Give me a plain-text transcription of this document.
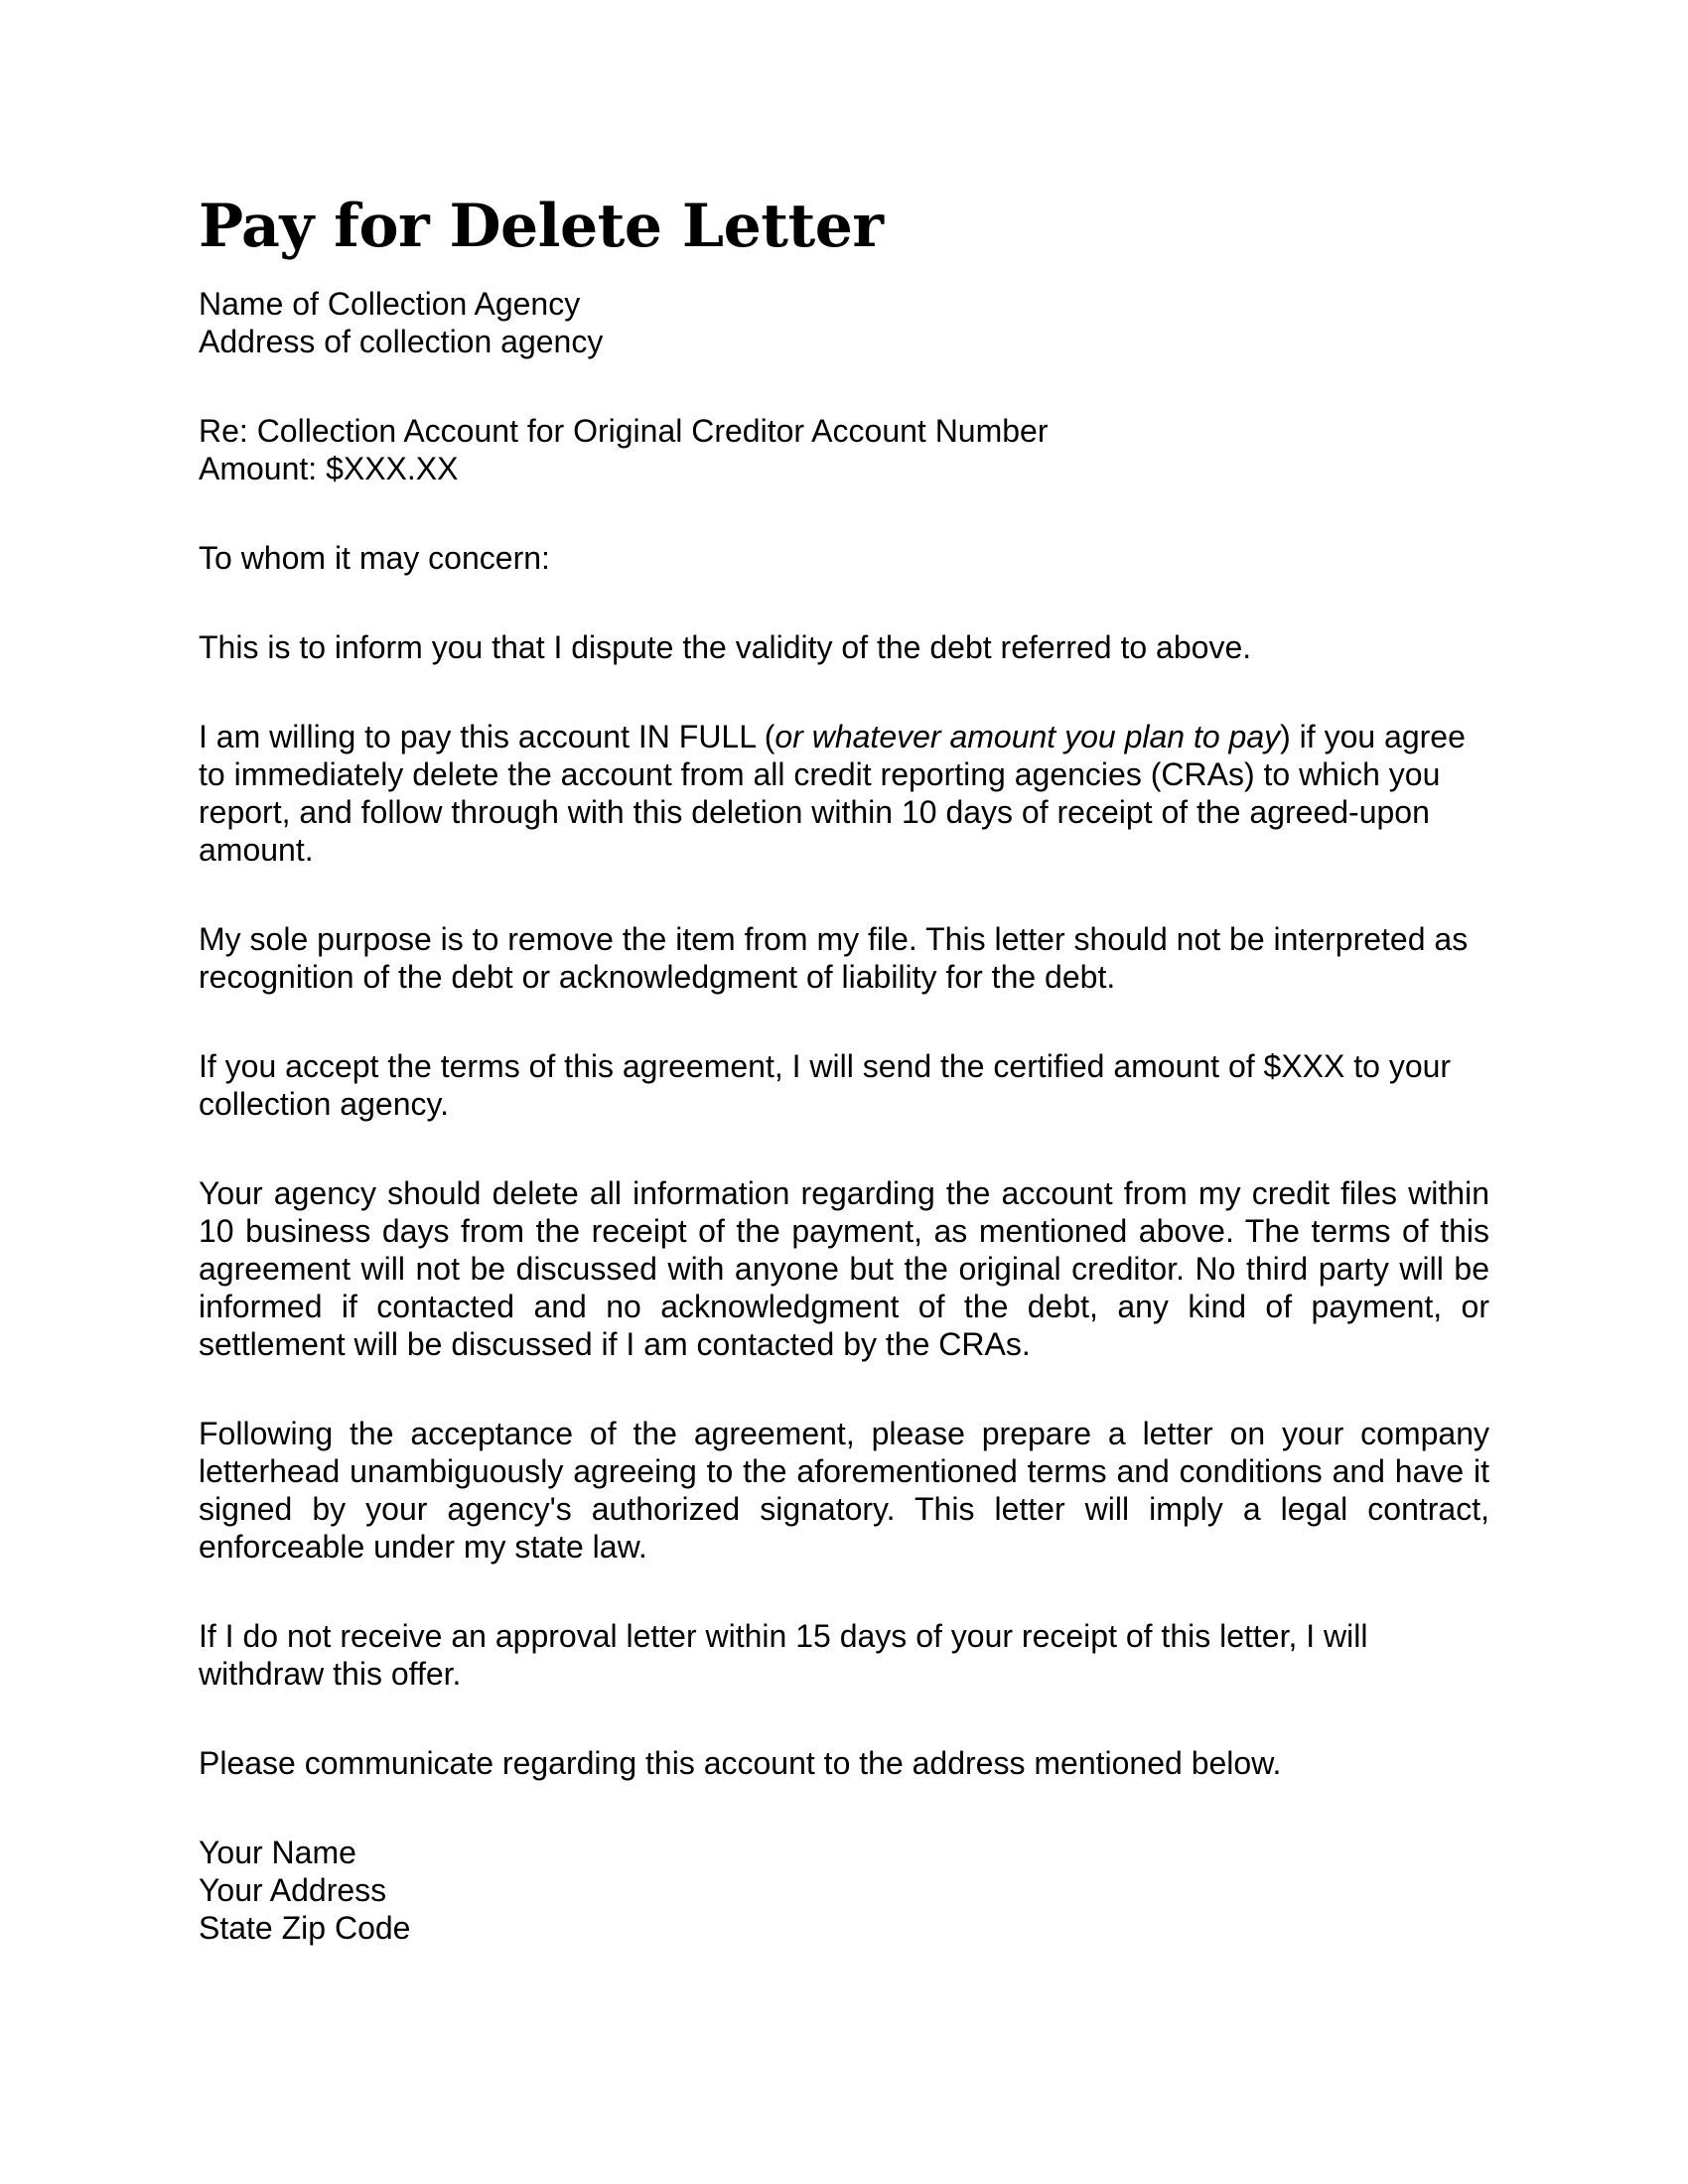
Pay for Delete Letter
Name of Collection Agency
Address of collection agency
Re: Collection Account for Original Creditor Account Number
Amount: $XXX.XX

To whom it may concern:

This is to inform you that I dispute the validity of the debt referred to above.

I am willing to pay this account IN FULL (or whatever amount you plan to pay) if you agree to immediately delete the account from all credit reporting agencies (CRAs) to which you report, and follow through with this deletion within 10 days of receipt of the agreed-upon amount.

My sole purpose is to remove the item from my file. This letter should not be interpreted as recognition of the debt or acknowledgment of liability for the debt.

If you accept the terms of this agreement, I will send the certified amount of $XXX to your collection agency.

Your agency should delete all information regarding the account from my credit files within 10 business days from the receipt of the payment, as mentioned above. The terms of this agreement will not be discussed with anyone but the original creditor. No third party will be informed if contacted and no acknowledgment of the debt, any kind of payment, or settlement will be discussed if I am contacted by the CRAs.

Following the acceptance of the agreement, please prepare a letter on your company letterhead unambiguously agreeing to the aforementioned terms and conditions and have it signed by your agency's authorized signatory. This letter will imply a legal contract, enforceable under my state law.

If I do not receive an approval letter within 15 days of your receipt of this letter, I will withdraw this offer.

Please communicate regarding this account to the address mentioned below.

Your Name
Your Address
State Zip Code
